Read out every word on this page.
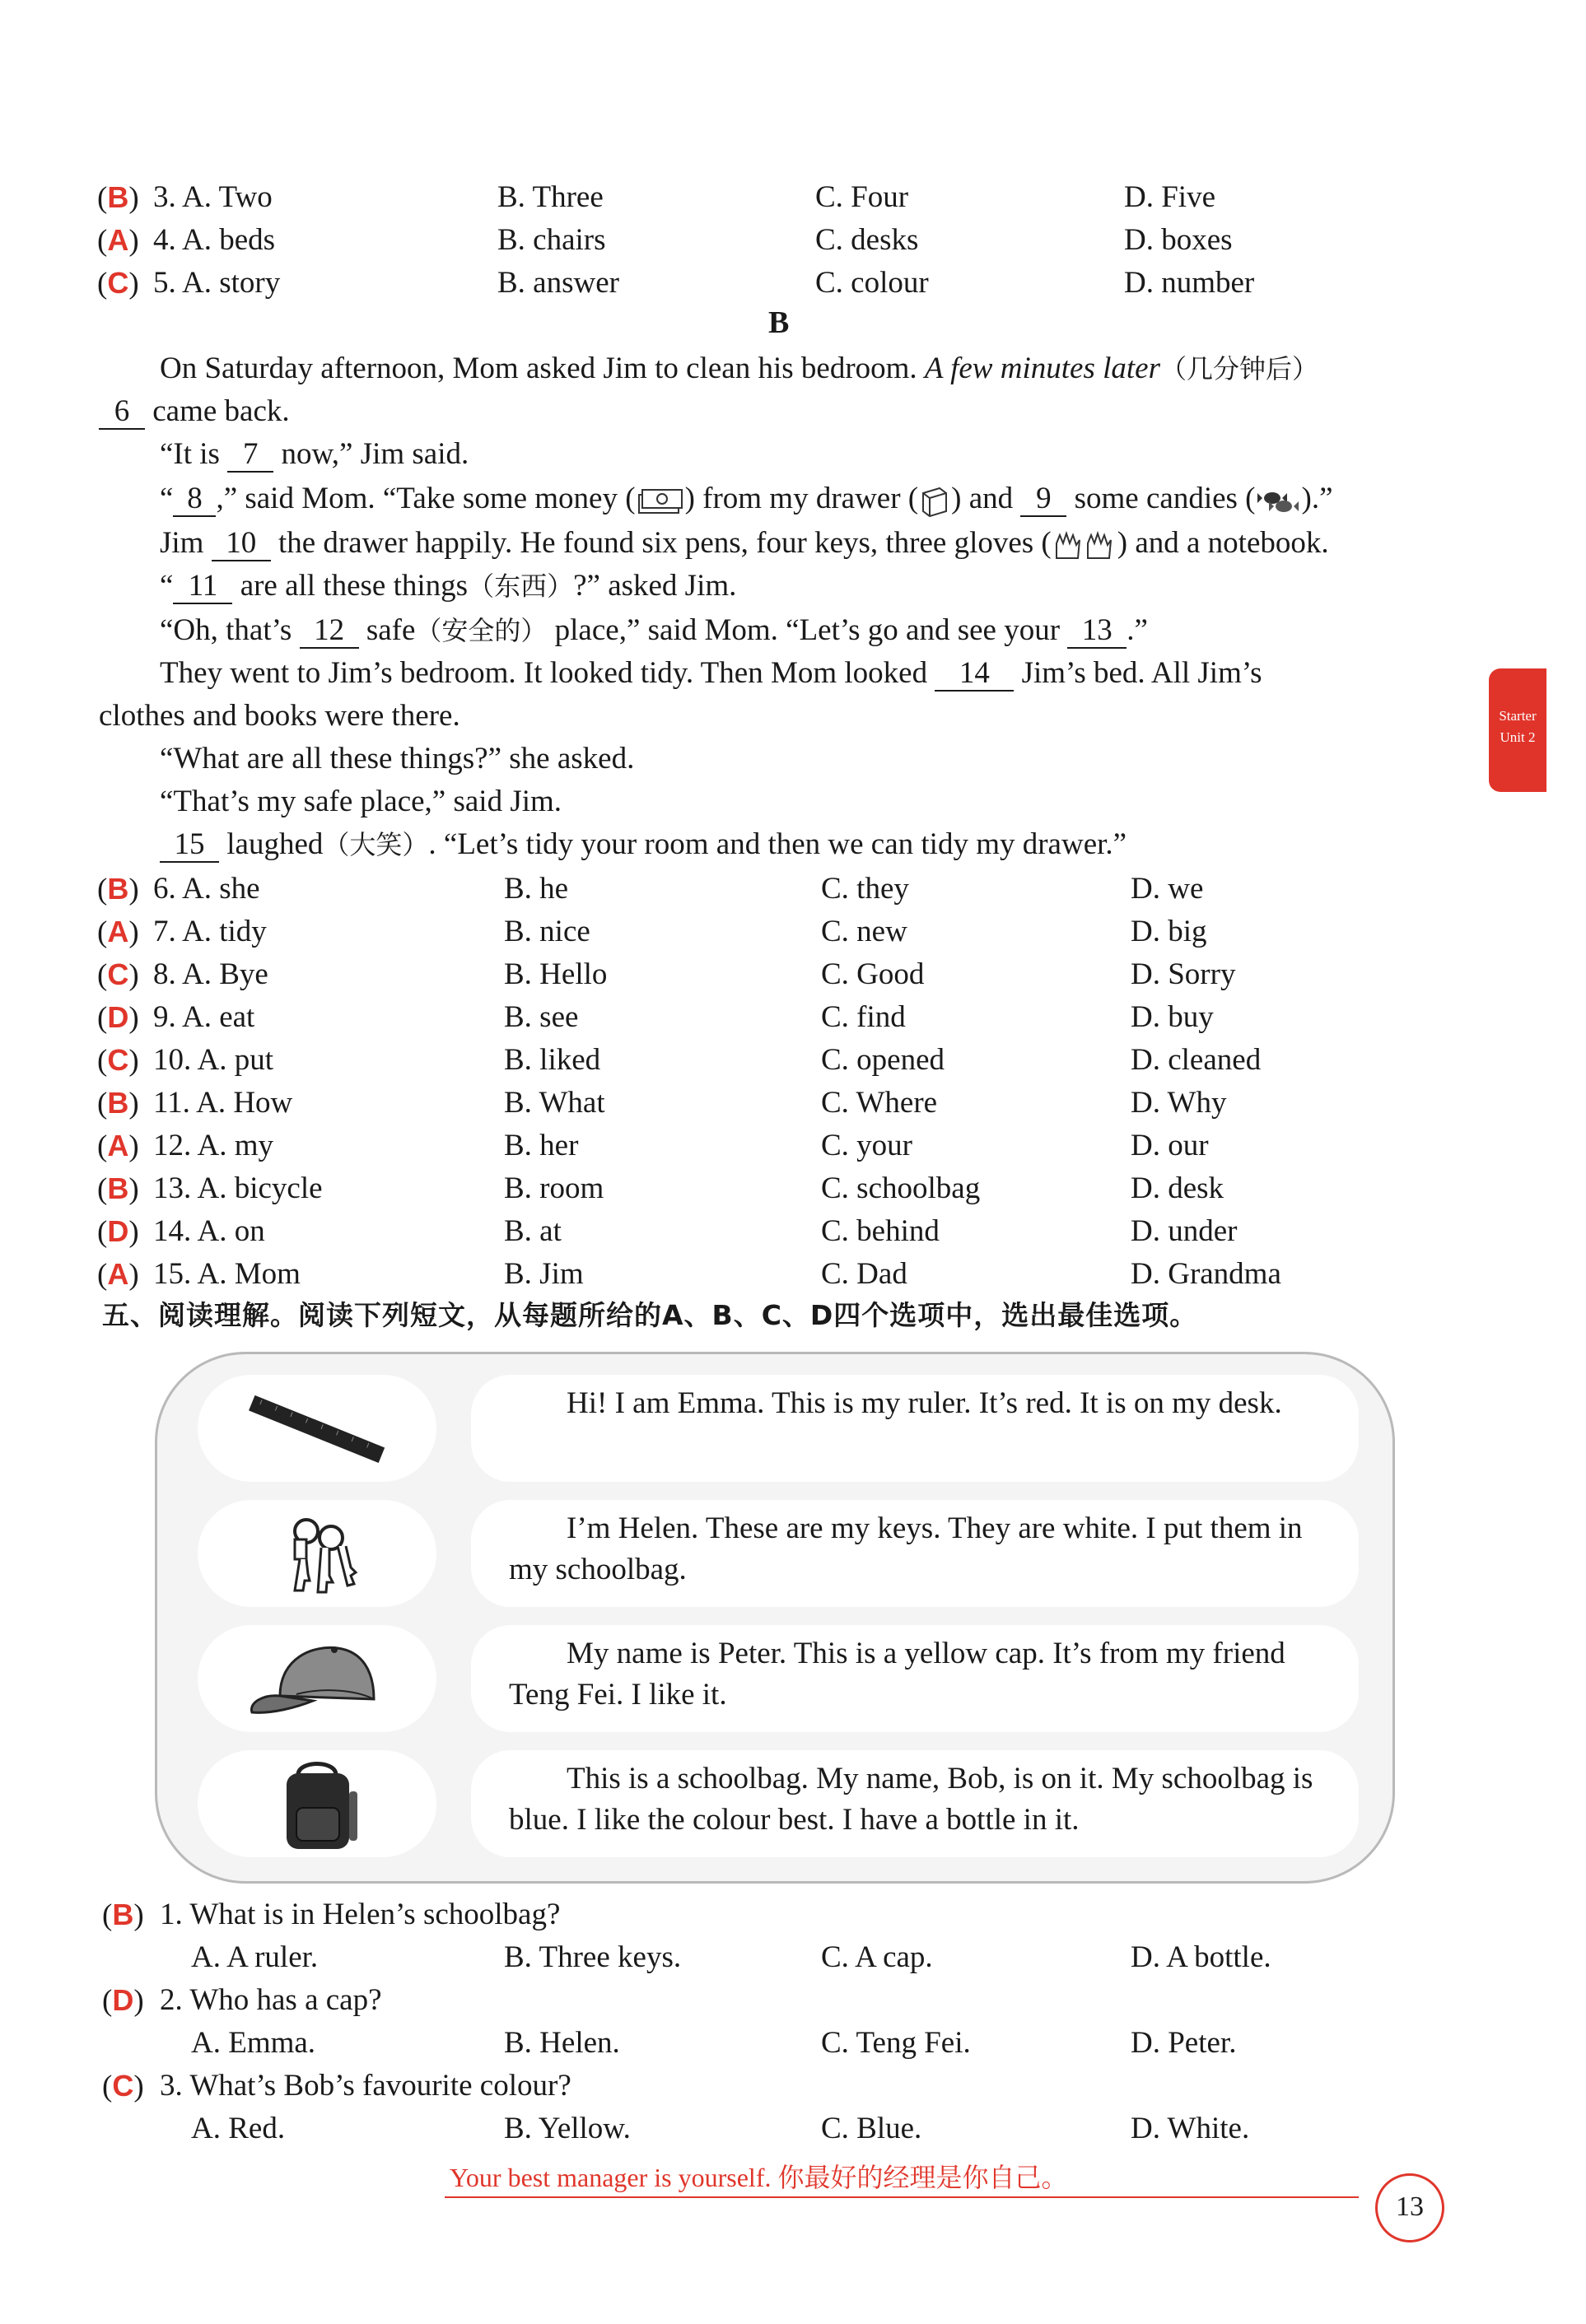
(B) 3. A. Two	B. Three	C. Four	D. Five
(A) 4. A. beds	B. chairs	C. desks	D. boxes
(C) 5. A. story	B. answer	C. colour	D. number
B
On Saturday afternoon, Mom asked Jim to clean his bedroom. A few minutes later（几分钟后）
6 came back.
“It is 7 now,” Jim said.
“ 8 ,” said Mom. “Take some money ( ) from my drawer ( ) and 9 some candies ( ).”
Jim 10 the drawer happily. He found six pens, four keys, three gloves ( ) and a notebook.
“ 11 are all these things（东西）?” asked Jim.
“Oh, that’s 12 safe（安全的） place,” said Mom. “Let’s go and see your 13 .”
They went to Jim’s bedroom. It looked tidy. Then Mom looked 14 Jim’s bed. All Jim’s
clothes and books were there.
“What are all these things?” she asked.
“That’s my safe place,” said Jim.
15 laughed（大笑）. “Let’s tidy your room and then we can tidy my drawer.”
(B) 6. A. she	B. he	C. they	D. we
(A) 7. A. tidy	B. nice	C. new	D. big
(C) 8. A. Bye	B. Hello	C. Good	D. Sorry
(D) 9. A. eat	B. see	C. find	D. buy
(C) 10. A. put	B. liked	C. opened	D. cleaned
(B) 11. A. How	B. What	C. Where	D. Why
(A) 12. A. my	B. her	C. your	D. our
(B) 13. A. bicycle	B. room	C. schoolbag	D. desk
(D) 14. A. on	B. at	C. behind	D. under
(A) 15. A. Mom	B. Jim	C. Dad	D. Grandma
五、阅读理解。阅读下列短文，从每题所给的A、B、C、D四个选项中，选出最佳选项。
Hi! I am Emma. This is my ruler. It’s red. It is on my desk.
I’m Helen. These are my keys. They are white. I put them in my schoolbag.
My name is Peter. This is a yellow cap. It’s from my friend Teng Fei. I like it.
This is a schoolbag. My name, Bob, is on it. My schoolbag is blue. I like the colour best. I have a bottle in it.
(B) 1. What is in Helen’s schoolbag?
A. A ruler.	B. Three keys.	C. A cap.	D. A bottle.
(D) 2. Who has a cap?
A. Emma.	B. Helen.	C. Teng Fei.	D. Peter.
(C) 3. What’s Bob’s favourite colour?
A. Red.	B. Yellow.	C. Blue.	D. White.
Starter
Unit 2
Your best manager is yourself. 你最好的经理是你自己。
13
